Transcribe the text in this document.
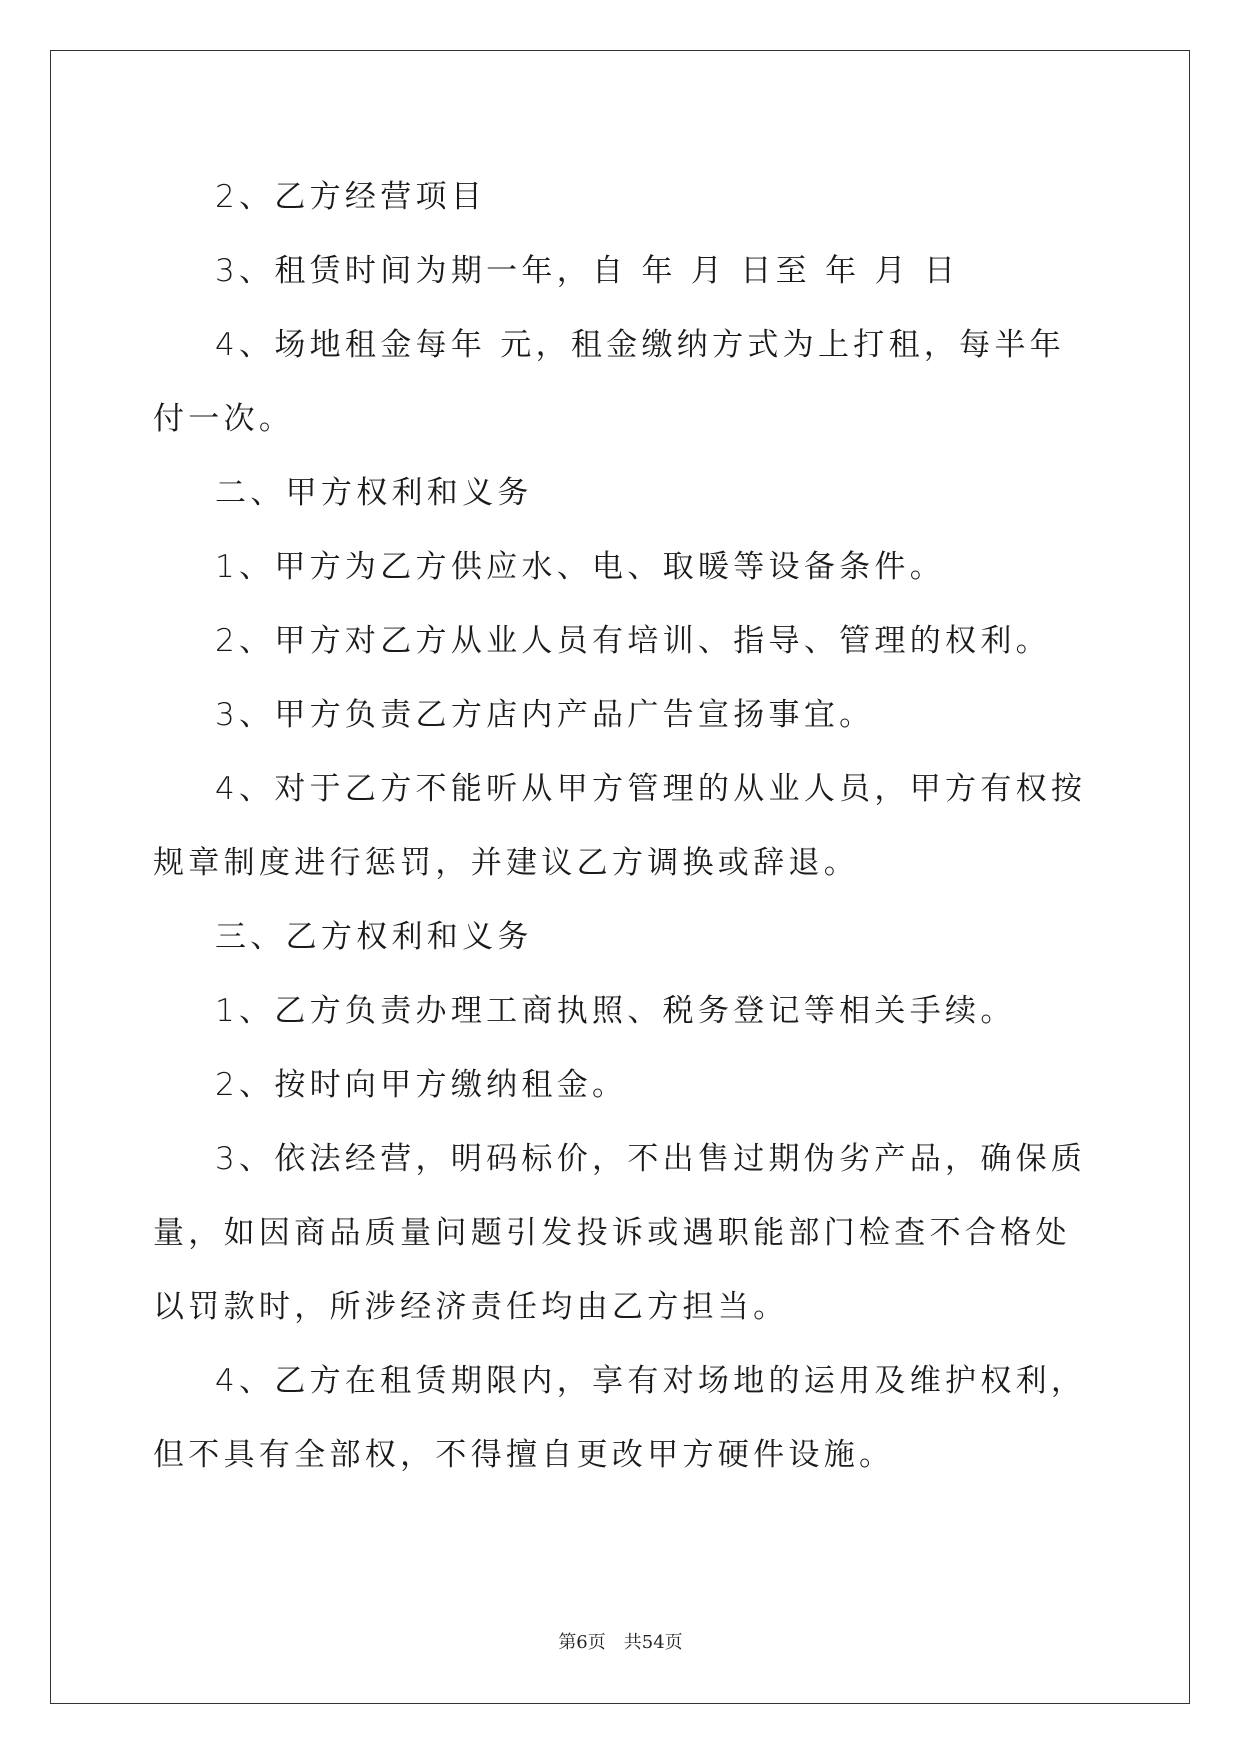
2、乙方经营项目

3、租赁时间为期一年，自 年 月 日至 年 月 日

4、场地租金每年 元，租金缴纳方式为上打租，每半年付一次。

二、甲方权利和义务

1、甲方为乙方供应水、电、取暖等设备条件。

2、甲方对乙方从业人员有培训、指导、管理的权利。

3、甲方负责乙方店内产品广告宣扬事宜。

4、对于乙方不能听从甲方管理的从业人员，甲方有权按规章制度进行惩罚，并建议乙方调换或辞退。

三、乙方权利和义务

1、乙方负责办理工商执照、税务登记等相关手续。

2、按时向甲方缴纳租金。

3、依法经营，明码标价，不出售过期伪劣产品，确保质量，如因商品质量问题引发投诉或遇职能部门检查不合格处以罚款时，所涉经济责任均由乙方担当。

4、乙方在租赁期限内，享有对场地的运用及维护权利，但不具有全部权，不得擅自更改甲方硬件设施。

第6页 共54页
